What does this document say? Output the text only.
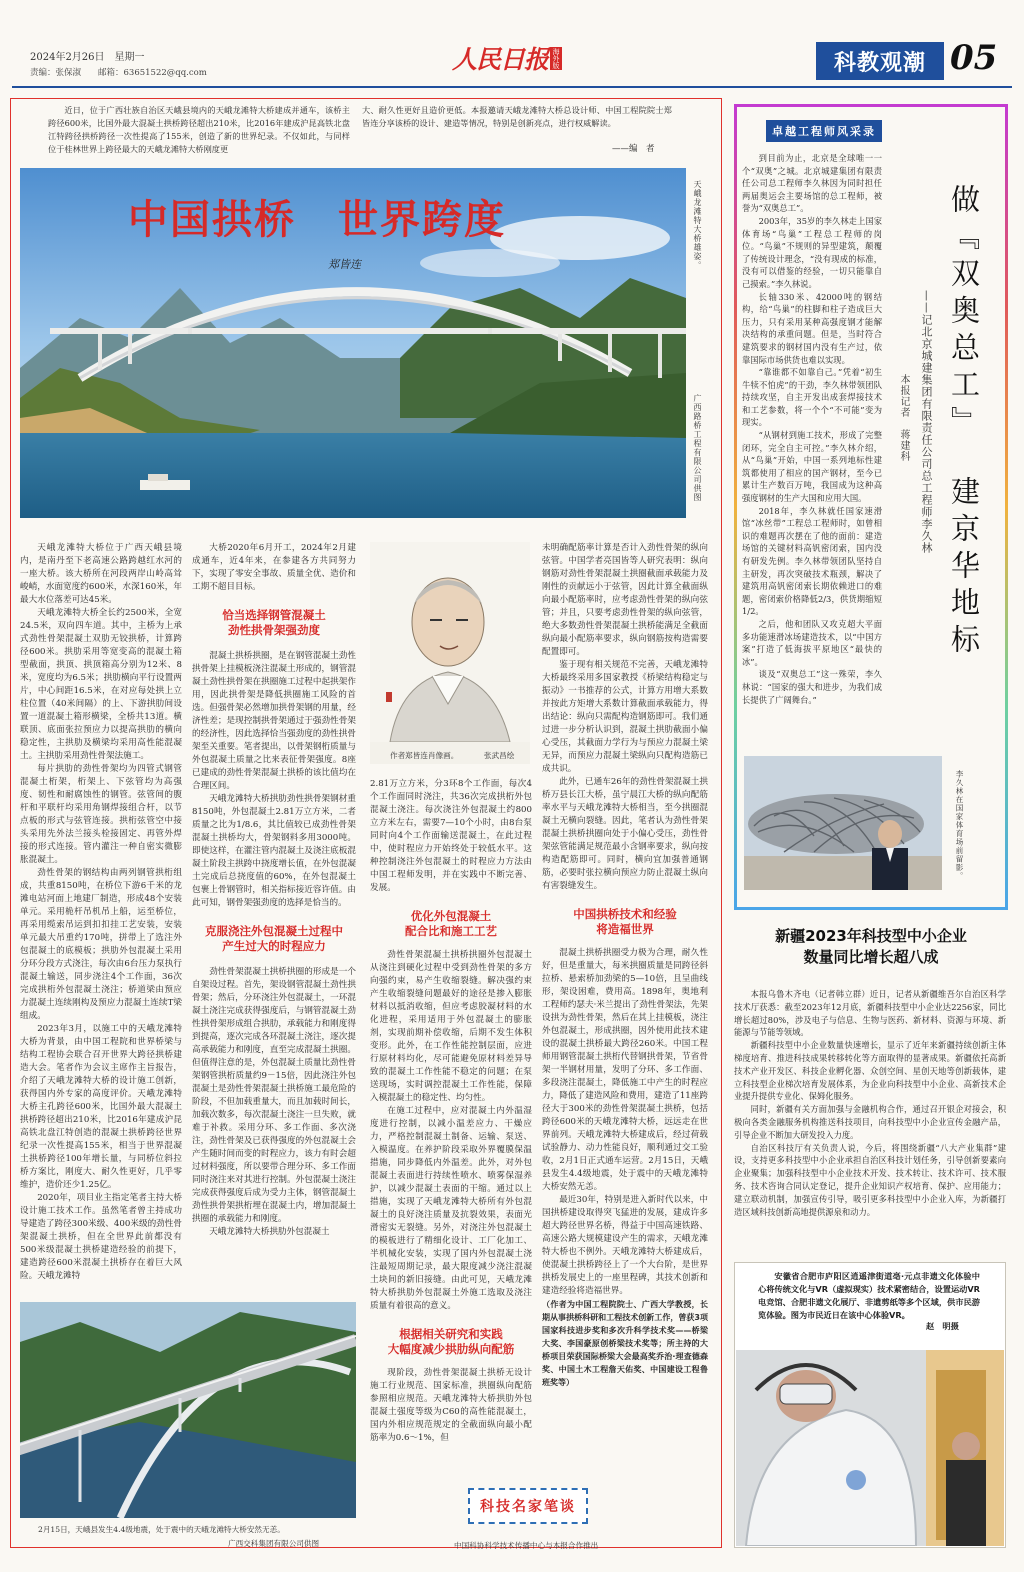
2024年2月26日　星期一
责编：张保淑　　邮箱：63651522@qq.com	人民日报 海外版	科教观潮 05
近日，位于广西壮族自治区天峨县境内的天峨龙滩特大桥建成并通车，该桥主跨径600米，比国外最大混凝土拱桥跨径超出210米，比2016年建成沪昆高铁北盘江特跨径拱桥跨径一次性提高了155米，创造了新的世界纪录。不仅如此，与同样位于桂林世界上跨径最大的天峨龙滩特大桥刚度更
大、耐久性更好且造价更低。本报邀请天峨龙滩特大桥总设计师、中国工程院院士郑皆连分享该桥的设计、建造等情况，特别是创新亮点，进行权威解读。
——编　者
中国拱桥　世界跨度
郑皆连	天峨龙滩特大桥雄姿。
广西路桥工程有限公司供图

天峨龙滩特大桥位于广西天峨县境内，是南丹至下老高速公路跨越红水河的一座大桥。该大桥所在河段两岸山岭高耸峻峭，水面宽度约600米，水深160米，年最大水位落差可达45米。

天峨龙滩特大桥全长约2500米，全宽24.5米，双向四车道。其中，主桥为上承式劲性骨架混凝土双肋无铰拱桥，计算跨径600米。拱肋采用等宽变高的混凝土箱型截面，拱顶、拱顶箱高分别为12米、8米，宽度均为6.5米；拱肋横向平行设置两片，中心间距16.5米，在对应每处拱上立柱位置（40米间隔）的上、下游拱肋间设置一道混凝土箱形横梁，全桥共13道。横联顶、底面张拉预应力以提高拱肋的横向稳定性，主拱肋及横梁均采用高性能混凝土。主拱肋采用劲性骨架法施工。

每片拱肋的劲性骨架均为四管式钢管混凝土桁架，桁架上、下弦管均为高强度、韧性和耐腐蚀性的钢管。弦管间的腹杆和平联杆均采用角钢焊接组合杆，以节点板的形式与弦管连接。拱桁弦管空中接头采用先外法兰接头栓接固定、再管外焊接的形式连接。管内灌注一种自密实微膨胀混凝土。

劲性骨架的钢结构由两列钢管拱桁组成，共重8150吨，在桥位下游6千米的龙滩电站河面上地建厂制造，形成48个安装单元。采用桅杆吊机吊上船，运至桥位，再采用缆索吊运到扣扣挂工艺安装，安装单元最大吊重约170吨，拼带上了选注外包混凝土的底模板；拱肋外包混凝土采用分环分段方式浇注，每次由6台压力泵执行混凝土输送，同步浇注4个工作面，36次完成拱桁外包混凝土浇注；桥道梁由预应力混凝土连续刚构及预应力混凝土连续T梁组成。

2023年3月，以施工中的天峨龙滩特大桥为背景，由中国工程院和世界桥梁与结构工程协会联合召开世界大跨径拱桥建造大会。笔者作为会议主席作主旨报告，介绍了天峨龙滩特大桥的设计施工创新，获得国内外专家的高度评价。天峨龙滩特大桥主孔跨径600米，比国外最大混凝土拱桥跨径超出210米，比2016年建成沪昆高铁北盘江特创造的混凝土拱桥跨径世界纪录一次性提高155米，相当于世界混凝土拱桥跨径100年增长量，与同桥位斜拉桥方案比，刚度大、耐久性更好，几乎零维护，造价还少1.25亿。

2020年，项目业主指定笔者主持大桥设计施工技术工作。虽然笔者曾主持成功导建造了跨径300米级、400米级的劲性骨架混凝土拱桥，但在全世界此前都没有500米级混凝土拱桥建造经验的前提下，建造跨径600米混凝土拱桥存在着巨大风险。天峨龙滩特

大桥2020年6月开工，2024年2月建成通车，近4年来，在参建各方共同努力下，实现了零安全事故、质量全优、造价和工期不超目目标。

恰当选择钢管混凝土
劲性拱骨架强劲度

混凝土拱桥拱圈，是在钢管混凝土劲性拱骨架上挂模板浇注混凝土形成的，钢管混凝土劲性拱骨架在拱圈施工过程中起拱架作用，因此拱骨架是降低拱圈施工风险的首选。但强骨架必然增加拱骨架钢的用量，经济性差；是现控制拱骨架通过于强劲性骨架的经济性，因此选择恰当强劲度的劲性拱骨架至关重要。笔者提出，以骨架钢桁质量与外包混凝土质量之比来表征骨架强度。8座已建成的劲性骨架混凝土拱桥的该比值均在合理区间。

天峨龙滩特大桥拱肋劲性拱骨架钢材重8150吨，外包混凝土2.81万立方米，二者质量之比为1/8.6，其比值较已成劲性骨架混凝土拱桥均大，骨架钢料多用3000吨。即使这样，在灌注管内混凝土及浇注底板混凝土阶段主拱跨中挠度增长值，在外包混凝土完成后总挠度值的60%，在外包混凝土包裹上骨钢管时，相关指标接近容许值。由此可知，钢骨架强劲度的选择是恰当的。

克服浇注外包混凝土过程中
产生过大的时程应力

劲性骨架混凝土拱桥拱圈的形成是一个自架设过程。首先，架设钢管混凝土劲性拱骨架；然后，分环浇注外包混凝土，一环混凝土浇注完成获得强度后，与钢管混凝土劲性拱骨架形成组合拱肋，承载能力和刚度得到提高，逐次完成各环混凝土浇注，逐次提高承载能力和刚度，直至完成混凝土拱圈。但值得注意的是，外包混凝土质量比劲性骨架钢管拱桁质量约9－15倍，因此浇注外包混凝土是劲性骨架混凝土拱桥施工最危险的阶段，不但加载重量大，而且加载时间长，加载次数多，每次混凝土浇注一旦失败，就难于补救。采用分环、多工作面、多次浇注，劲性骨架及已获得强度的外包混凝土会产生随时间而变的时程应力，该力有时会超过材料强度，所以要带合理分环、多工作面同时浇注来对其进行控制。外包混凝土浇注完成获得强度后成为受力主体，钢管混凝土劲性拱骨架拱桁埋在混凝土内，增加混凝土拱圈的承载能力和刚度。

天峨龙滩特大桥拱肋外包混凝土

作者郑皆连肖像画。	张武昌绘

2.81万立方米，分3环8个工作面，每次4个工作面同时浇注，共36次完成拱桁外包混凝土浇注。每次浇注外包混凝土约800立方米左右，需要7—10个小时，由8台泵同时向4个工作面输送混凝土，在此过程中，使时程应力开始终处于较低水平。这种控制浇注外包混凝土的时程应力方法由中国工程师发明，并在实践中不断完善、发展。

优化外包混凝土
配合比和施工工艺

劲性骨架混凝土拱桥拱圈外包混凝土从浇注到硬化过程中受到劲性骨架的多方向强约束，易产生收缩裂缝。解决强约束产生收缩裂缝问题最好的途径是掺入膨胀材料以抵消收缩，但应考虑胶凝材料的水化进程，采用适用于外包混凝土的膨胀剂，实现前期补偿收缩，后期不发生体积变形。此外，在工作性能控制层面，应进行原材料均化，尽可能避免原材料差异导致的混凝土工作性能不稳定的问题；在泵送现场，实时调控混凝土工作性能，保障入模混凝土的稳定性、均匀性。

在施工过程中，应对混凝土内外温湿度进行控制，以减小温差应力、干燥应力，严格控制混凝土制备、运输、泵送、入模温度。在养护阶段采取外界覆膜保温措施，同步降低内外温差。此外，对外包混凝土表面进行持续性喷水、喷雾保湿养护，以减少混凝土表面的干缩。通过以上措施，实现了天峨龙滩特大桥所有外包混凝土的良好浇注质量及抗裂效果，表面光滑密实无裂缝。另外，对浇注外包混凝土的模板进行了精细化设计、工厂化加工、半机械化安装，实现了国内外包混凝土浇注最短周期记录，最大限度减少浇注混凝土块间的新旧接缝。由此可见，天峨龙滩特大桥拱肋外包混凝土外施工选取及浇注质量有着很高的意义。

根据相关研究和实践
大幅度减少拱肋纵向配筋

现阶段，劲性骨架混凝土拱桥无设计施工行业规范、国家标准，拱圈纵向配筋参照相应规范。天峨龙滩特大桥拱肋外包混凝土强度等级为C60的高性能混凝土，国内外相应规范规定的全截面纵向最小配筋率为0.6～1%，但

未明确配筋率计算是否计入劲性骨架的纵向弦管。中国学者亮国皆等人研究表明：纵向钢筋对劲性骨架混凝土拱圈截面承载能力及刚性的贡献远小于弦管，因此计算全截面纵向最小配筋率时，应考虑劲性骨架的纵向弦管；并且，只要考虑劲性骨架的纵向弦管，绝大多数劲性骨架混凝土拱桥能满足全截面纵向最小配筋率要求，纵向钢筋按构造需要配置即可。

鉴于现有相关规范不完善，天峨龙滩特大桥最终采用多国家教授《桥梁结构稳定与振动》一书推荐的公式，计算方用增大系数并按此方矩增大系数计算截面承载能力，得出结论：纵向只需配构造钢筋即可。我们通过进一步分析认识到，混凝土拱肋截面小偏心受压，其截面力学行为与预应力混凝土梁无异，而预应力混凝土梁纵向只配构造筋已成共识。

此外，已通车26年的劲性骨架混凝土拱桥万县长江大桥，虽宁晨江大桥的纵向配筋率水平与天峨龙滩特大桥相当，至今拱圈混凝土无横向裂缝。因此，笔者认为劲性骨架混凝土拱桥拱圈向处于小偏心受压，劲性骨架弦管能满足规范最小含钢率要求，纵向按构造配筋即可。同时，横向宜加强普通钢筋，必要时张拉横向预应力防止混凝土纵向有害裂缝发生。

中国拱桥技术和经验
将造福世界

混凝土拱桥拱圈受力极为合理，耐久性好，但是重量大，每米拱圈质量是同跨径斜拉桥、悬索桥加劲梁的5—10倍，且呈曲线形，架设困难，费用高。1898年，奥地利工程师约瑟夫·米兰提出了劲性骨架法，先架设拱为劲性骨架，然后在其上挂模板，浇注外包混凝土，形成拱圈，因外使用此技术建设的混凝土拱桥最大跨径260米。中国工程师用钢管混凝土拱桁代替钢拱骨架，节省骨架一半钢材用量，发明了分环、多工作面、多段浇注混凝土，降低施工中产生的时程应力，降低了建造风险和费用，建造了11座跨径大于300米的劲性骨架混凝土拱桥，包括跨径600米的天峨龙滩特大桥，远远走在世界前列。天峨龙滩特大桥建成后，经过荷载试验静力、动力性能良好，顺利通过交工验收，2月1日正式通车运营。2月15日，天峨县发生4.4级地震，处于震中的天峨龙滩特大桥安然无恙。

最近30年，特别是进入新时代以来，中国拱桥建设取得突飞猛进的发展，建成许多超大跨径世界名桥，得益于中国高速铁路、高速公路大规模建设产生的需求，天峨龙滩特大桥也不例外。天峨龙滩特大桥建成后，使混凝土拱桥跨径上了一个大台阶，是世界拱桥发展史上的一座里程碑，其技术创新和建造经验将造福世界。

（作者为中国工程院院士、广西大学教授，长期从事拱桥科研和工程技术创新工作，曾获3项国家科技进步奖和多次升科学技术奖——桥梁大奖、李国豪原创桥梁技术奖等；所主持的大桥项目荣获国际桥梁大会最高奖乔治·理查德森奖、中国土木工程詹天佑奖、中国建设工程鲁班奖等）

2月15日，天峨县发生4.4级地震，处于震中的天峨龙滩特大桥安然无恙。
广西交科集团有限公司供图
科技名家笔谈
中国科协科学技术传播中心与本报合作推出
卓越工程师风采录

到目前为止，北京是全球唯一一个“双奥”之城。北京城建集团有限责任公司总工程师李久林因为同时担任两届奥运会主要场馆的总工程师，被誉为“双奥总工”。

2003年，35岁的李久林走上国家体育场“鸟巢”工程总工程师的岗位。“鸟巢”不规则的异型建筑，颠覆了传统设计理念，“没有现成的标准，没有可以借鉴的经验，一切只能靠自己摸索。”李久林说。

长轴330米、42000吨的钢结构，给“鸟巢”的柱脚和柱子造成巨大压力，只有采用某种高强度钢才能解决结构的承重问题。但是，当时符合建筑要求的钢材国内没有生产过，依靠国际市场供货也难以实现。

“靠谁都不如靠自己。”凭着“初生牛犊不怕虎”的干劲，李久林带领团队持续攻坚，自主开发出成套焊接技术和工艺参数，将一个个“不可能”变为现实。

“从钢材到施工技术，形成了完整闭环，完全自主可控。”李久林介绍，从“鸟巢”开始，中国一系列地标性建筑都使用了相应的国产钢材，至今已累计生产数百万吨，我国成为这种高强度钢材的生产大国和应用大国。

2018年，李久林就任国家速滑馆“冰丝带”工程总工程师时，如曾相识的难题再次摆在了他的面前：建造场馆的关键材料高钒密闭索，国内没有研发先例。李久林带领团队坚持自主研发，再次突破技术瓶颈，解决了建筑用高钒密闭索长期依赖进口的难题，密闭索价格降低2/3，供货期缩短1/2。

之后，他和团队又攻克超大平面多功能速滑冰场建造技术，以“中国方案”打造了低海拔平原地区“最快的冰”。

谈及“双奥总工”这一殊荣，李久林说：“国家的强大和进步，为我们成长提供了广阔舞台。”

本报记者　蒋建科 ——记北京城建集团有限责任公司总工程师李久林 做『双奥总工』
建京华地标
李久林在国家体育场前留影。
新疆2023年科技型中小企业
数量同比增长超八成

本报乌鲁木齐电（记者韩立群）近日，记者从新疆维吾尔自治区科学技术厅获悉：截至2023年12月底，新疆科技型中小企业达2256家，同比增长超过80%，涉及电子与信息、生物与医药、新材料、资源与环境、新能源与节能等领域。

新疆科技型中小企业数量快速增长，显示了近年来新疆持续创新主体梯度培育、推进科技成果转移转化等方面取得的显著成果。新疆依托高新技术产业开发区、科技企业孵化器、众创空间、星创天地等创新载体，建立科技型企业梯次培育发展体系，为企业向科技型中小企业、高新技术企业提升提供专业化、保姆化服务。

同时，新疆有关方面加强与金融机构合作，通过召开银企对接会，积极向各类金融服务机构推送科技项目，向科技型中小企业宣传金融产品，引导企业不断加大研发投入力度。

自治区科技厅有关负责人说，今后，将围绕新疆“八大产业集群”建设，支持更多科技型中小企业承担自治区科技计划任务，引导创新要素向企业聚集；加强科技型中小企业技术开发、技术转让、技术许可、技术服务、技术咨询合同认定登记，提升企业知识产权培育、保护、应用能力；建立联动机制，加强宣传引导，吸引更多科技型中小企业入库，为新疆打造区域科技创新高地提供源泉和动力。

安徽省合肥市庐阳区逍遥津街道亳·元点非遗文化体验中心将传统文化与VR（虚拟现实）技术紧密结合，设置运动VR电竞馆、合肥非遗文化展厅、非遗剪纸等多个区域，供市民游览体验。图为市民近日在该中心体验VR。
赵　明摄
